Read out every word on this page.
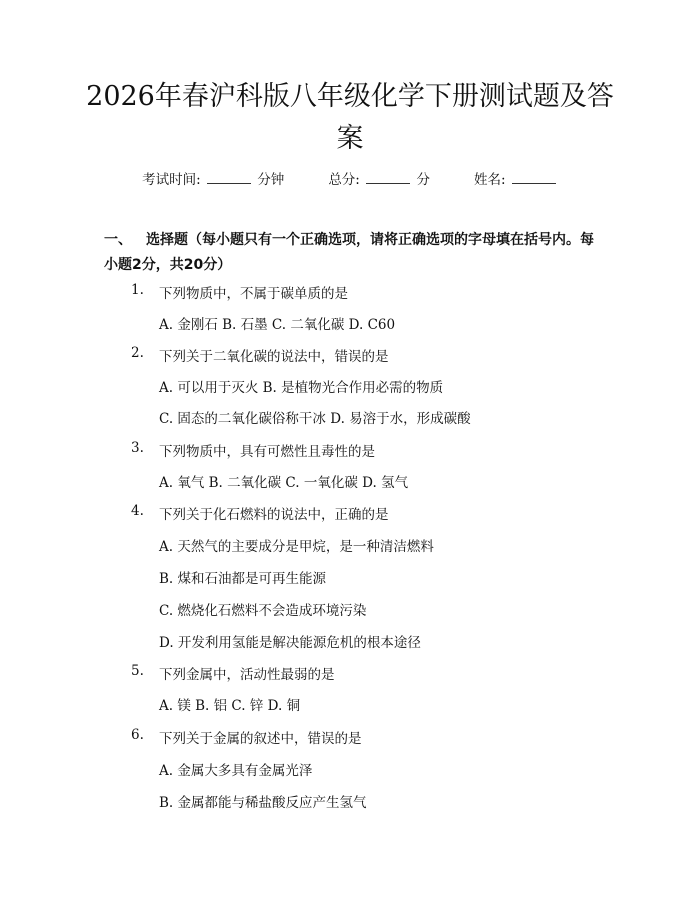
2026年春沪科版八年级化学下册测试题及答案
考试时间:	分钟	总分:	分	姓名:

一、 选择题（每小题只有一个正确选项，请将正确选项的字母填在括号内。每小题2分，共20分）

1. 下列物质中，不属于碳单质的是
A. 金刚石 B. 石墨 C. 二氧化碳 D. C60
2. 下列关于二氧化碳的说法中，错误的是
A. 可以用于灭火 B. 是植物光合作用必需的物质
C. 固态的二氧化碳俗称干冰 D. 易溶于水，形成碳酸
3. 下列物质中，具有可燃性且毒性的是
A. 氧气 B. 二氧化碳 C. 一氧化碳 D. 氢气
4. 下列关于化石燃料的说法中，正确的是
A. 天然气的主要成分是甲烷，是一种清洁燃料
B. 煤和石油都是可再生能源
C. 燃烧化石燃料不会造成环境污染
D. 开发利用氢能是解决能源危机的根本途径
5. 下列金属中，活动性最弱的是
A. 镁 B. 铝 C. 锌 D. 铜
6. 下列关于金属的叙述中，错误的是
A. 金属大多具有金属光泽
B. 金属都能与稀盐酸反应产生氢气
